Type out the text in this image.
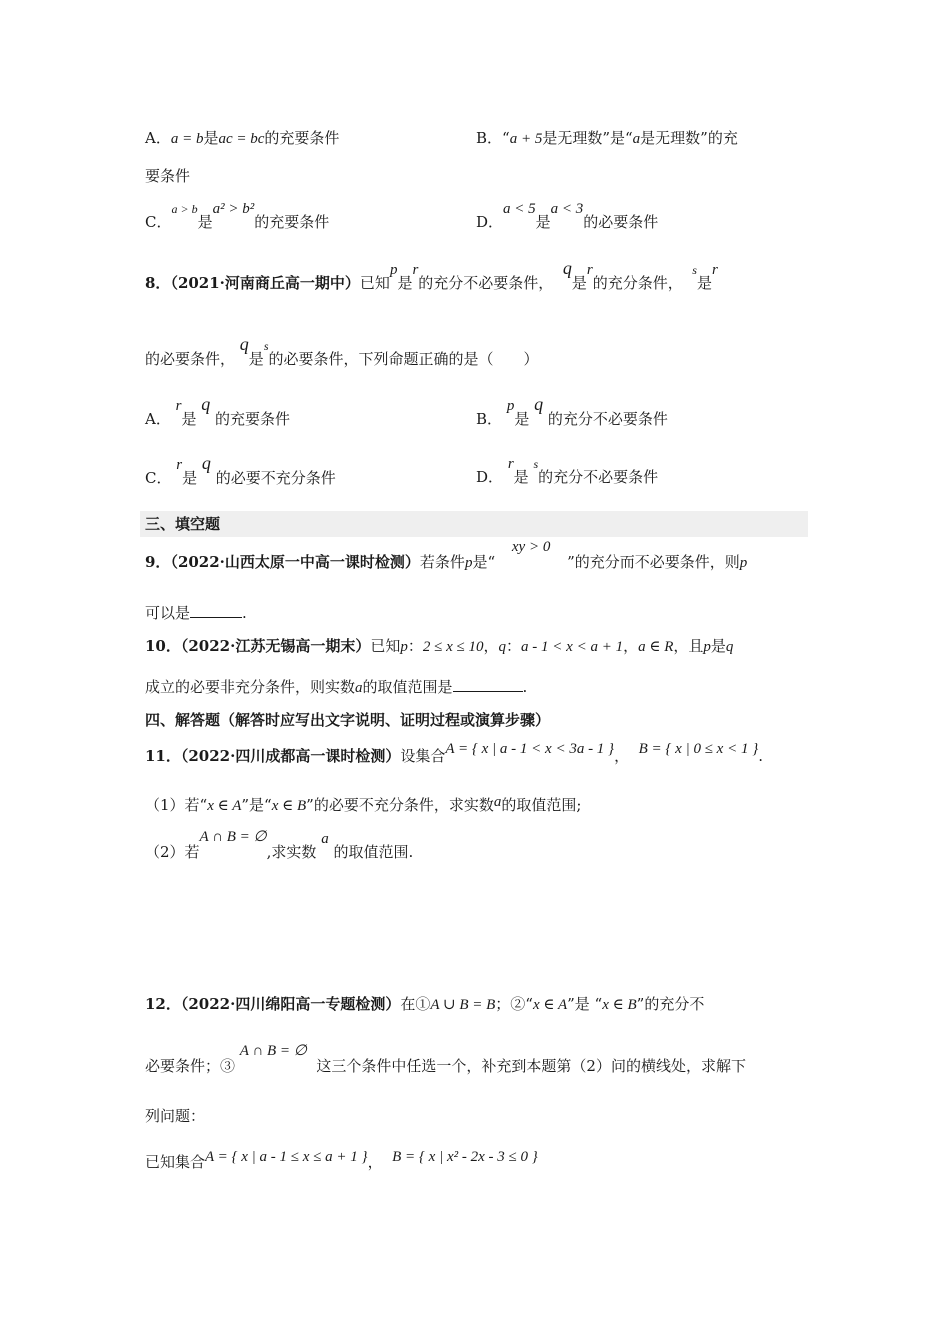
A．a = b是ac = bc的充要条件	B．“a + 5是无理数”是“a是无理数”的充
要条件
C．$^{a > b}$是a² > b²的充要条件	D．a < 5是a < 3的必要条件
8．（2021·河南商丘高一期中）已知p是r的充分不必要条件，  q是r的充分条件，  $^s$是r
的必要条件， q是$^s$的必要条件，下列命题正确的是（　　）
A． r是 q 的充要条件	B． p是 q 的充分不必要条件
C． r是 q 的必要不充分条件	D． r是 $^s$的充分不必要条件
三、填空题
9．（2022·山西太原一中高一课时检测）若条件p是“xy > 0”的充分而不必要条件，则p
可以是	.
10．（2022·江苏无锡高一期末）已知p：2 ≤ x ≤ 10，q：a - 1 < x < a + 1，a ∈ R，且p是q
成立的必要非充分条件，则实数a的取值范围是	.
四、解答题（解答时应写出文字说明、证明过程或演算步骤）
11．（2022·四川成都高一课时检测）设集合A = { x | a - 1 < x < 3a - 1 }， B = { x | 0 ≤ x < 1 }.
（1）若“x ∈ A”是“x ∈ B”的必要不充分条件，求实数a的取值范围;
（2）若A ∩ B = ∅,求实数 a 的取值范围.
12．（2022·四川绵阳高一专题检测）在①A ∪ B = B；②“x ∈ A”是 “x ∈ B”的充分不
必要条件；③ A ∩ B = ∅  这三个条件中任选一个，补充到本题第（2）问的横线处，求解下
列问题：
已知集合A = { x | a - 1 ≤ x ≤ a + 1 }， B = { x | x² - 2x - 3 ≤ 0 }
